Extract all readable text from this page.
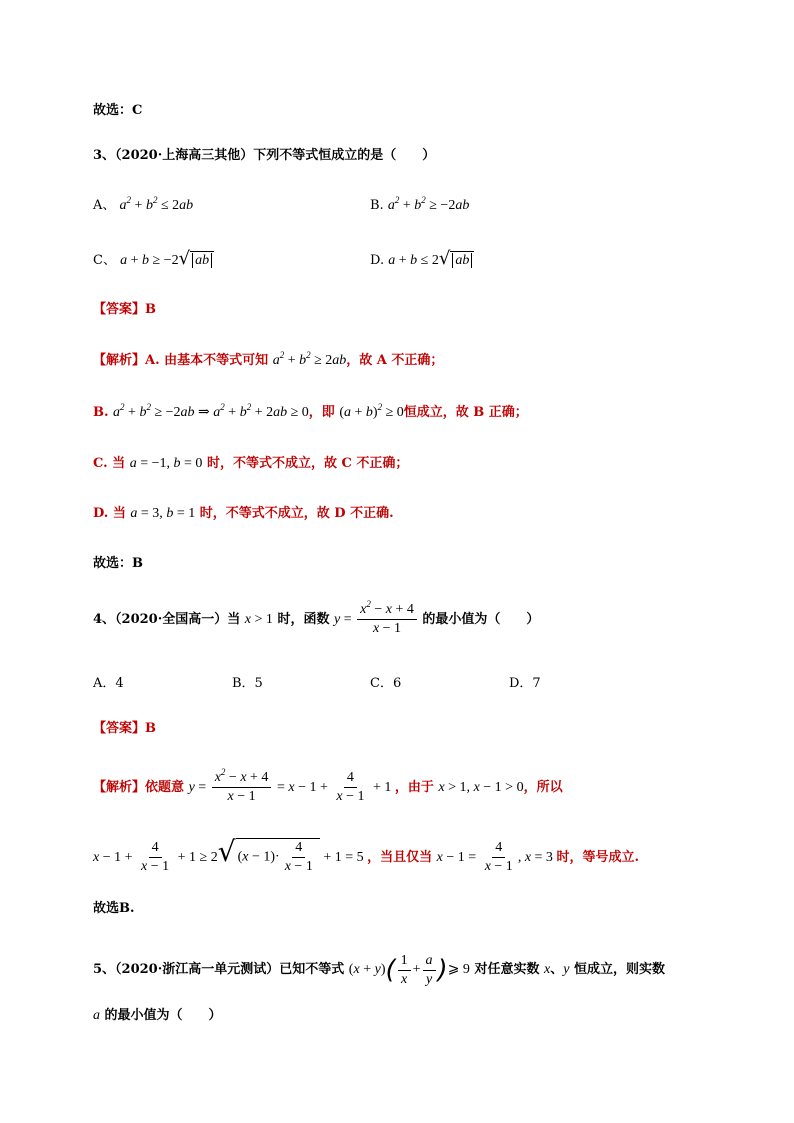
故选：C
3、（2020·上海高三其他）下列不等式恒成立的是（　　）
A、 $a^2 + b^2 \le 2ab$	B. $a^2 + b^2 \ge -2ab$
C、 a + b ≥ −2√ ab	D. a + b ≤ 2√ ab
【答案】B
【解析】A. 由基本不等式可知 $a^2 + b^2 \ge 2ab$，故 A 不正确；
B. $a^2 + b^2 \ge -2ab$ ⇒ $a^2 + b^2 + 2ab \ge 0$，即 $(a + b)^2 \ge 0$恒成立，故 B 正确；
C. 当 a = −1, b = 0 时，不等式不成立，故 C 不正确；
D. 当 a = 3, b = 1 时，不等式不成立，故 D 不正确.
故选：B
4、（2020·全国高一）当 x > 1 时，函数 $y = \frac{x^2 - x + 4}{x - 1}$ 的最小值为（　　）
A．4	B．5	C．6	D．7
【答案】B
【解析】依题意 $y = \frac{x^2 - x + 4}{x - 1} = x - 1 + \frac{4}{x - 1} + 1$ ，由于 x > 1, x − 1 > 0，所以
$x - 1 + \frac{4}{x - 1} + 1 \ge 2√$ $(x - 1)\cdot \frac{4}{x - 1} + 1 = 5$ ，当且仅当 $x - 1 = \frac{4}{x - 1}$ , x = 3 时，等号成立.
故选B.
5、（2020·浙江高一单元测试）已知不等式 $(x + y)( \frac{1}{x} + \frac{a}{y}$ )⩾ 9 对任意实数 x、y 恒成立，则实数
a 的最小值为（　　）
